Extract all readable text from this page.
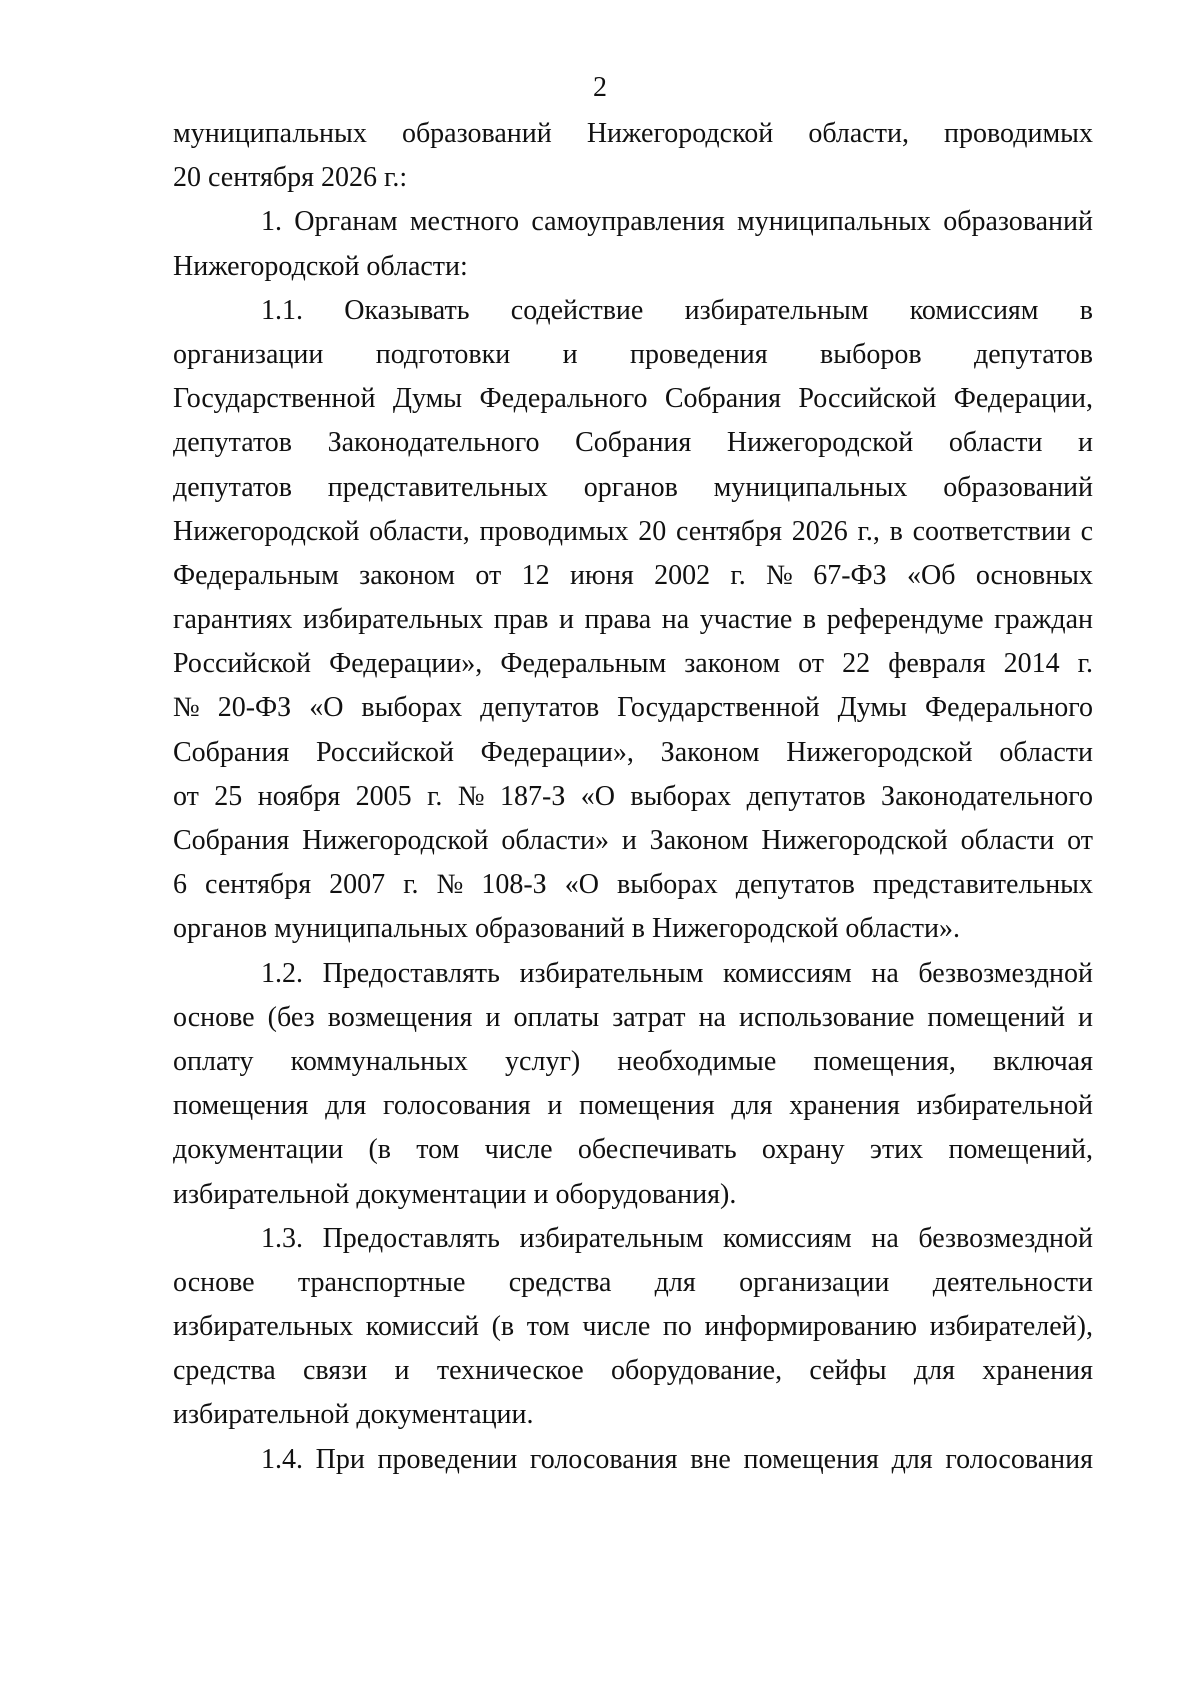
2
муниципальных образований Нижегородской области, проводимых
20 сентября 2026 г.:
1. Органам местного самоуправления муниципальных образований
Нижегородской области:
1.1. Оказывать содействие избирательным комиссиям в
организации подготовки и проведения выборов депутатов
Государственной Думы Федерального Собрания Российской Федерации,
депутатов Законодательного Собрания Нижегородской области и
депутатов представительных органов муниципальных образований
Нижегородской области, проводимых 20 сентября 2026 г., в соответствии с
Федеральным законом от 12 июня 2002 г. № 67-ФЗ «Об основных
гарантиях избирательных прав и права на участие в референдуме граждан
Российской Федерации», Федеральным законом от 22 февраля 2014 г.
№ 20-ФЗ «О выборах депутатов Государственной Думы Федерального
Собрания Российской Федерации», Законом Нижегородской области
от 25 ноября 2005 г. № 187-З «О выборах депутатов Законодательного
Собрания Нижегородской области» и Законом Нижегородской области от
6 сентября 2007 г. № 108-З «О выборах депутатов представительных
органов муниципальных образований в Нижегородской области».
1.2. Предоставлять избирательным комиссиям на безвозмездной
основе (без возмещения и оплаты затрат на использование помещений и
оплату коммунальных услуг) необходимые помещения, включая
помещения для голосования и помещения для хранения избирательной
документации (в том числе обеспечивать охрану этих помещений,
избирательной документации и оборудования).
1.3. Предоставлять избирательным комиссиям на безвозмездной
основе транспортные средства для организации деятельности
избирательных комиссий (в том числе по информированию избирателей),
средства связи и техническое оборудование, сейфы для хранения
избирательной документации.
1.4. При проведении голосования вне помещения для голосования
